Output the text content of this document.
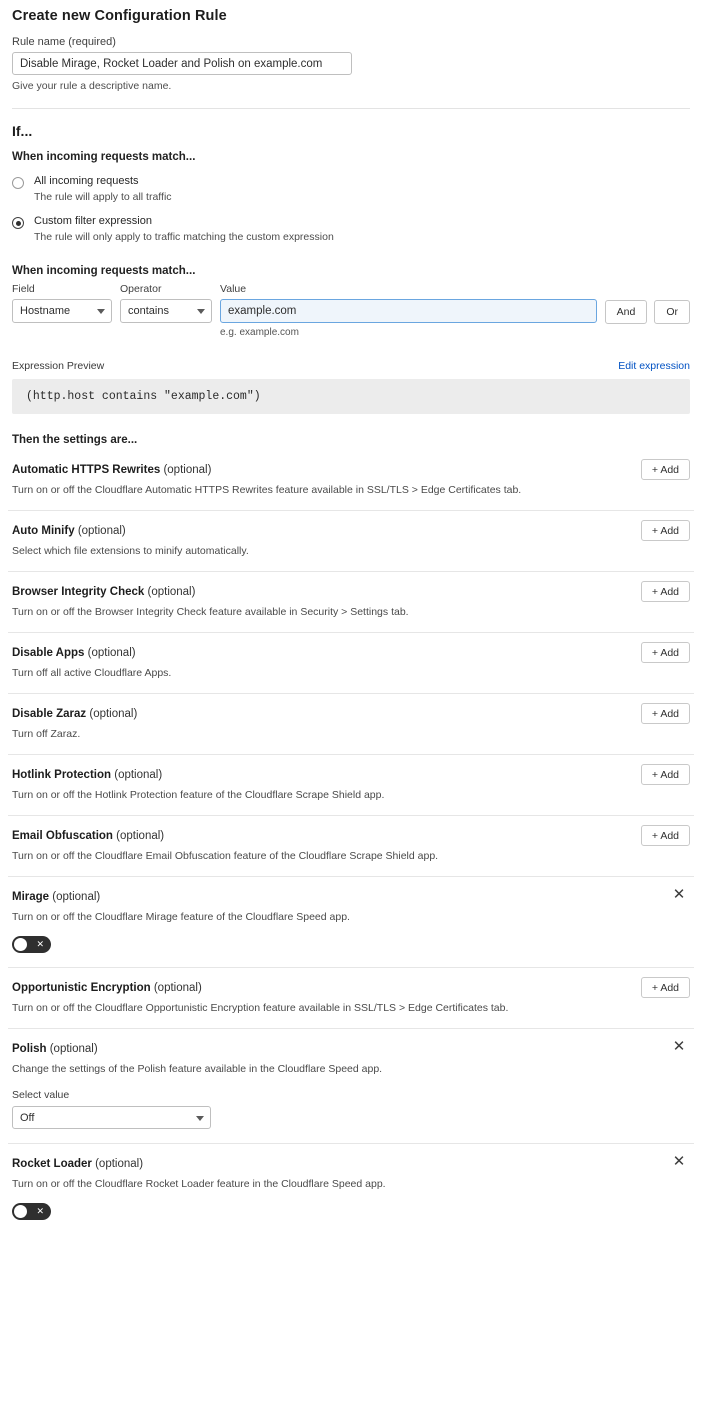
Create new Configuration Rule
Rule name (required)
Disable Mirage, Rocket Loader and Polish on example.com
Give your rule a descriptive name.
If...
When incoming requests match...
All incoming requests
The rule will apply to all traffic
Custom filter expression
The rule will only apply to traffic matching the custom expression
When incoming requests match...
Field
Hostname
Operator
contains
Value
example.com
e.g. example.com
And	Or
Expression Preview	Edit expression
(http.host contains "example.com")
Then the settings are...
Automatic HTTPS Rewrites (optional)
Turn on or off the Cloudflare Automatic HTTPS Rewrites feature available in SSL/TLS > Edge Certificates tab.
+ Add
Auto Minify (optional)
Select which file extensions to minify automatically.
+ Add
Browser Integrity Check (optional)
Turn on or off the Browser Integrity Check feature available in Security > Settings tab.
+ Add
Disable Apps (optional)
Turn off all active Cloudflare Apps.
+ Add
Disable Zaraz (optional)
Turn off Zaraz.
+ Add
Hotlink Protection (optional)
Turn on or off the Hotlink Protection feature of the Cloudflare Scrape Shield app.
+ Add
Email Obfuscation (optional)
Turn on or off the Cloudflare Email Obfuscation feature of the Cloudflare Scrape Shield app.
+ Add
Mirage (optional)
Turn on or off the Cloudflare Mirage feature of the Cloudflare Speed app.
✕
✕
Opportunistic Encryption (optional)
Turn on or off the Cloudflare Opportunistic Encryption feature available in SSL/TLS > Edge Certificates tab.
+ Add
Polish (optional)
Change the settings of the Polish feature available in the Cloudflare Speed app.
✕
Select value
Off
Rocket Loader (optional)
Turn on or off the Cloudflare Rocket Loader feature in the Cloudflare Speed app.
✕
✕
